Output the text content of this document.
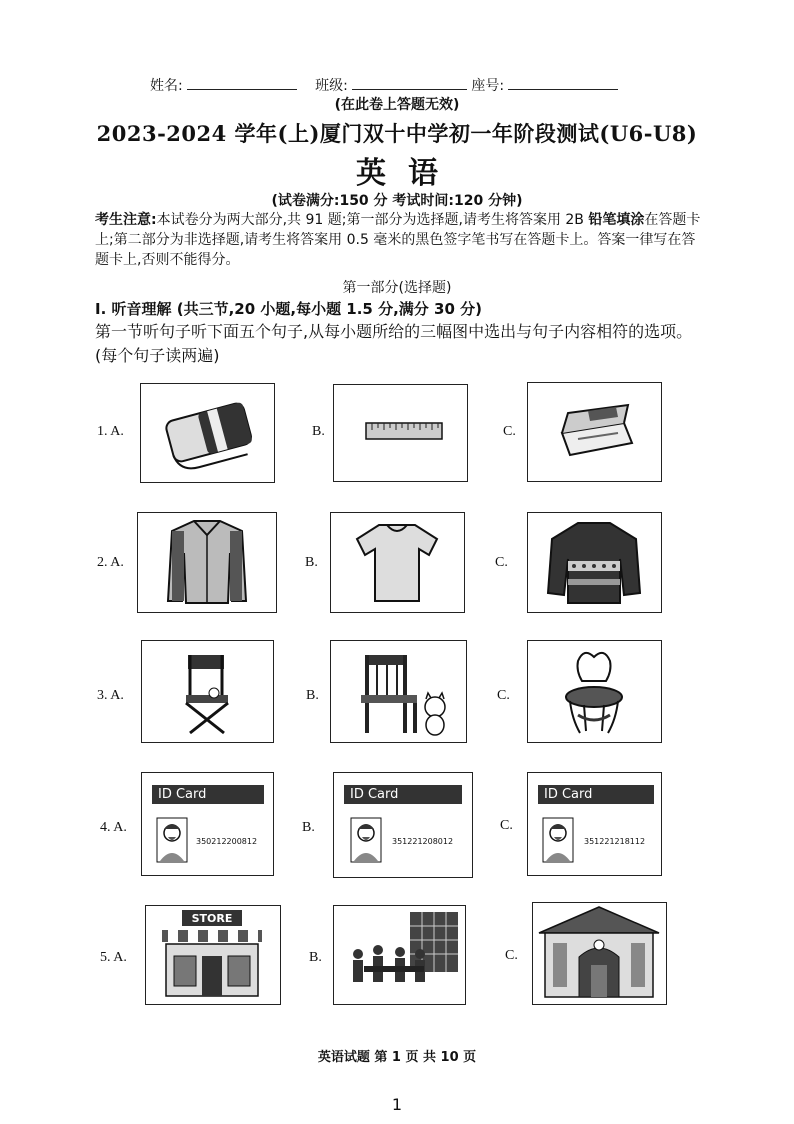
姓名:	班级:	座号:
(在此卷上答题无效)
2023-2024 学年(上)厦门双十中学初一年阶段测试(U6-U8)
英语
(试卷满分:150 分 考试时间:120 分钟)
考生注意:本试卷分为两大部分,共 91 题;第一部分为选择题,请考生将答案用 2B 铅笔填涂在答题卡上;第二部分为非选择题,请考生将答案用 0.5 毫米的黑色签字笔书写在答题卡上。答案一律写在答题卡上,否则不能得分。
第一部分(选择题)
I. 听音理解 (共三节,20 小题,每小题 1.5 分,满分 30 分)
第一节听句子听下面五个句子,从每小题所给的三幅图中选出与句子内容相符的选项。(每个句子读两遍)
1. A.	B.	C.
2. A.	B.	C.
3. A.	B.	C.
4. A.
ID Card
350212200812
B.
ID Card
351221208012
C.
ID Card
351221218112
5. A.
STORE
B.	C.
英语试题 第 1 页 共 10 页
1
